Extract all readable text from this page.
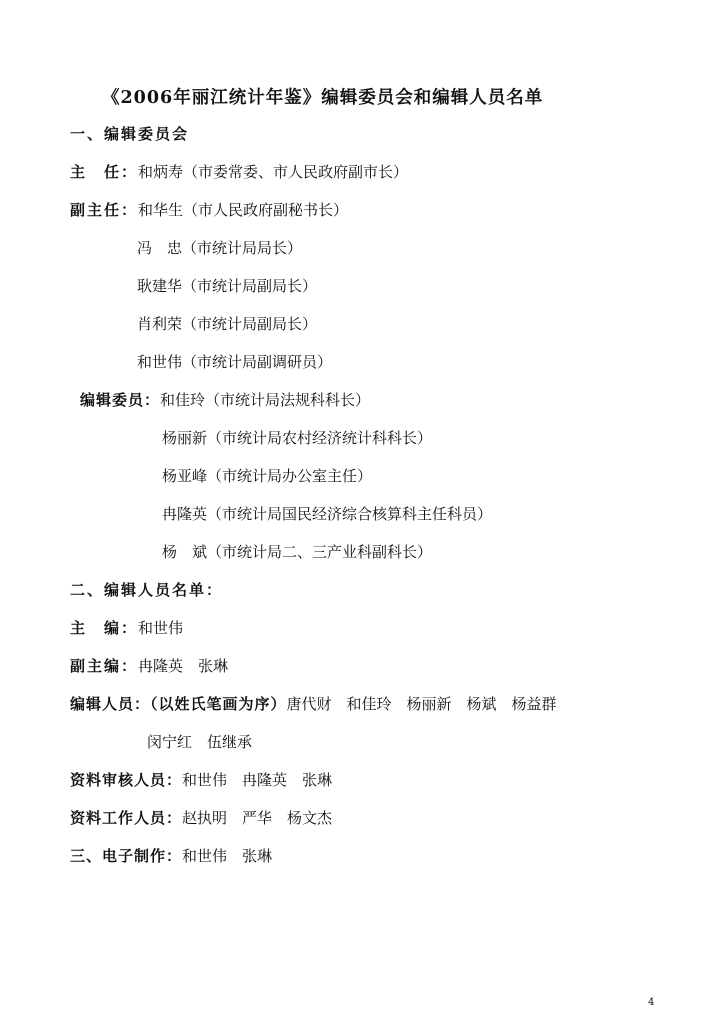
《2006年丽江统计年鉴》编辑委员会和编辑人员名单
一、编辑委员会
主　任：和炳寿（市委常委、市人民政府副市长）
副主任：和华生（市人民政府副秘书长）
冯　忠（市统计局局长）
耿建华（市统计局副局长）
肖利荣（市统计局副局长）
和世伟（市统计局副调研员）
编辑委员：和佳玲（市统计局法规科科长）
杨丽新（市统计局农村经济统计科科长）
杨亚峰（市统计局办公室主任）
冉隆英（市统计局国民经济综合核算科主任科员）
杨　斌（市统计局二、三产业科副科长）
二、编辑人员名单：
主　编：和世伟
副主编：冉隆英　张琳
编辑人员：（以姓氏笔画为序）唐代财　和佳玲　杨丽新　杨斌　杨益群
闵宁红　伍继承
资料审核人员：和世伟　冉隆英　张琳
资料工作人员：赵执明　严华　杨文杰
三、电子制作：和世伟　张琳
4
